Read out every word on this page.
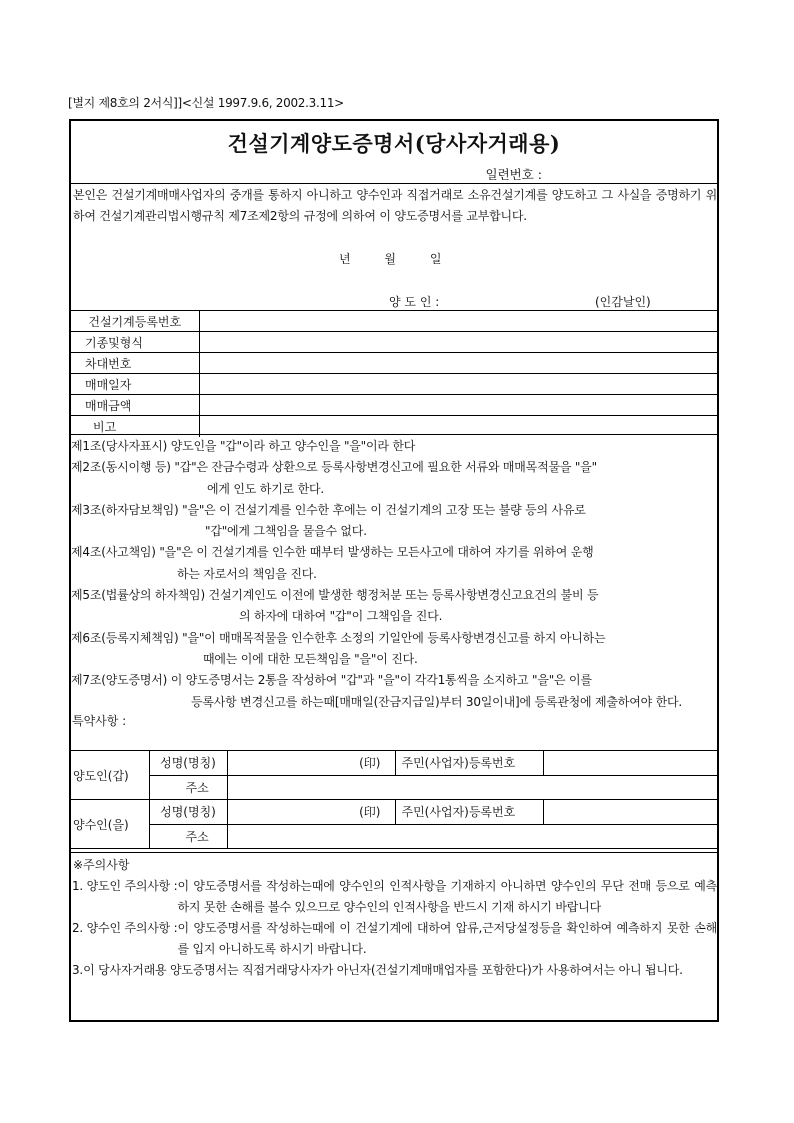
[별지 제8호의 2서식]]<신설 1997.9.6, 2002.3.11>
건설기계양도증명서(당사자거래용)
일련번호 :
본인은 건설기계매매사업자의 중개를 통하지 아니하고 양수인과 직접거래로 소유건설기계를 양도하고 그 사실을 증명하기 위하여 건설기계관리법시행규칙 제7조제2항의 규정에 의하여 이 양도증명서를 교부합니다.
년 월 일
양 도 인 :	(인감날인)
건설기계등록번호	
기종및형식	
차대번호	
매매일자	
매매금액	
비고	
제1조(당사자표시) 양도인을 "갑"이라 하고 양수인을 "을"이라 한다
제2조(동시이행 등) "갑"은 잔금수령과 상환으로 등록사항변경신고에 필요한 서류와 매매목적물을 "을"
에게 인도 하기로 한다.
제3조(하자담보책임) "을"은 이 건설기계를 인수한 후에는 이 건설기계의 고장 또는 불량 등의 사유로
"갑"에게 그책임을 물을수 없다.
제4조(사고책임) "을"은 이 건설기계를 인수한 때부터 발생하는 모든사고에 대하여 자기를 위하여 운행
하는 자로서의 책임을 진다.
제5조(법률상의 하자책임) 건설기계인도 이전에 발생한 행정처분 또는 등록사항변경신고요건의 불비 등
의 하자에 대하여 "갑"이 그책임을 진다.
제6조(등록지체책임) "을"이 매매목적물을 인수한후 소정의 기일안에 등록사항변경신고를 하지 아니하는
때에는 이에 대한 모든책임을 "을"이 진다.
제7조(양도증명서) 이 양도증명서는 2통을 작성하여 "갑"과 "을"이 각각1통씩을 소지하고 "을"은 이를
등록사항 변경신고를 하는때[매매일(잔금지급일)부터 30일이내]에 등록관청에 제출하여야 한다.
특약사항 :
양도인(갑)	성명(명칭)	(印)	주민(사업자)등록번호	
	주소			
양수인(을)	성명(명칭)	(印)	주민(사업자)등록번호	
	주소			
※주의사항
1. 양도인 주의사항 : 이 양도증명서를 작성하는때에 양수인의 인적사항을 기재하지 아니하면 양수인의 무단 전매 등으로 예측하지 못한 손해를 볼수 있으므로 양수인의 인적사항을 반드시 기재 하시기 바랍니다
2. 양수인 주의사항 : 이 양도증명서를 작성하는때에 이 건설기계에 대하여 압류,근저당설정등을 확인하여 예측하지 못한 손해를 입지 아니하도록 하시기 바랍니다.
3. 이 당사자거래용 양도증명서는 직접거래당사자가 아닌자(건설기계매매업자를 포함한다)가 사용하여서는 아니 됩니다.
